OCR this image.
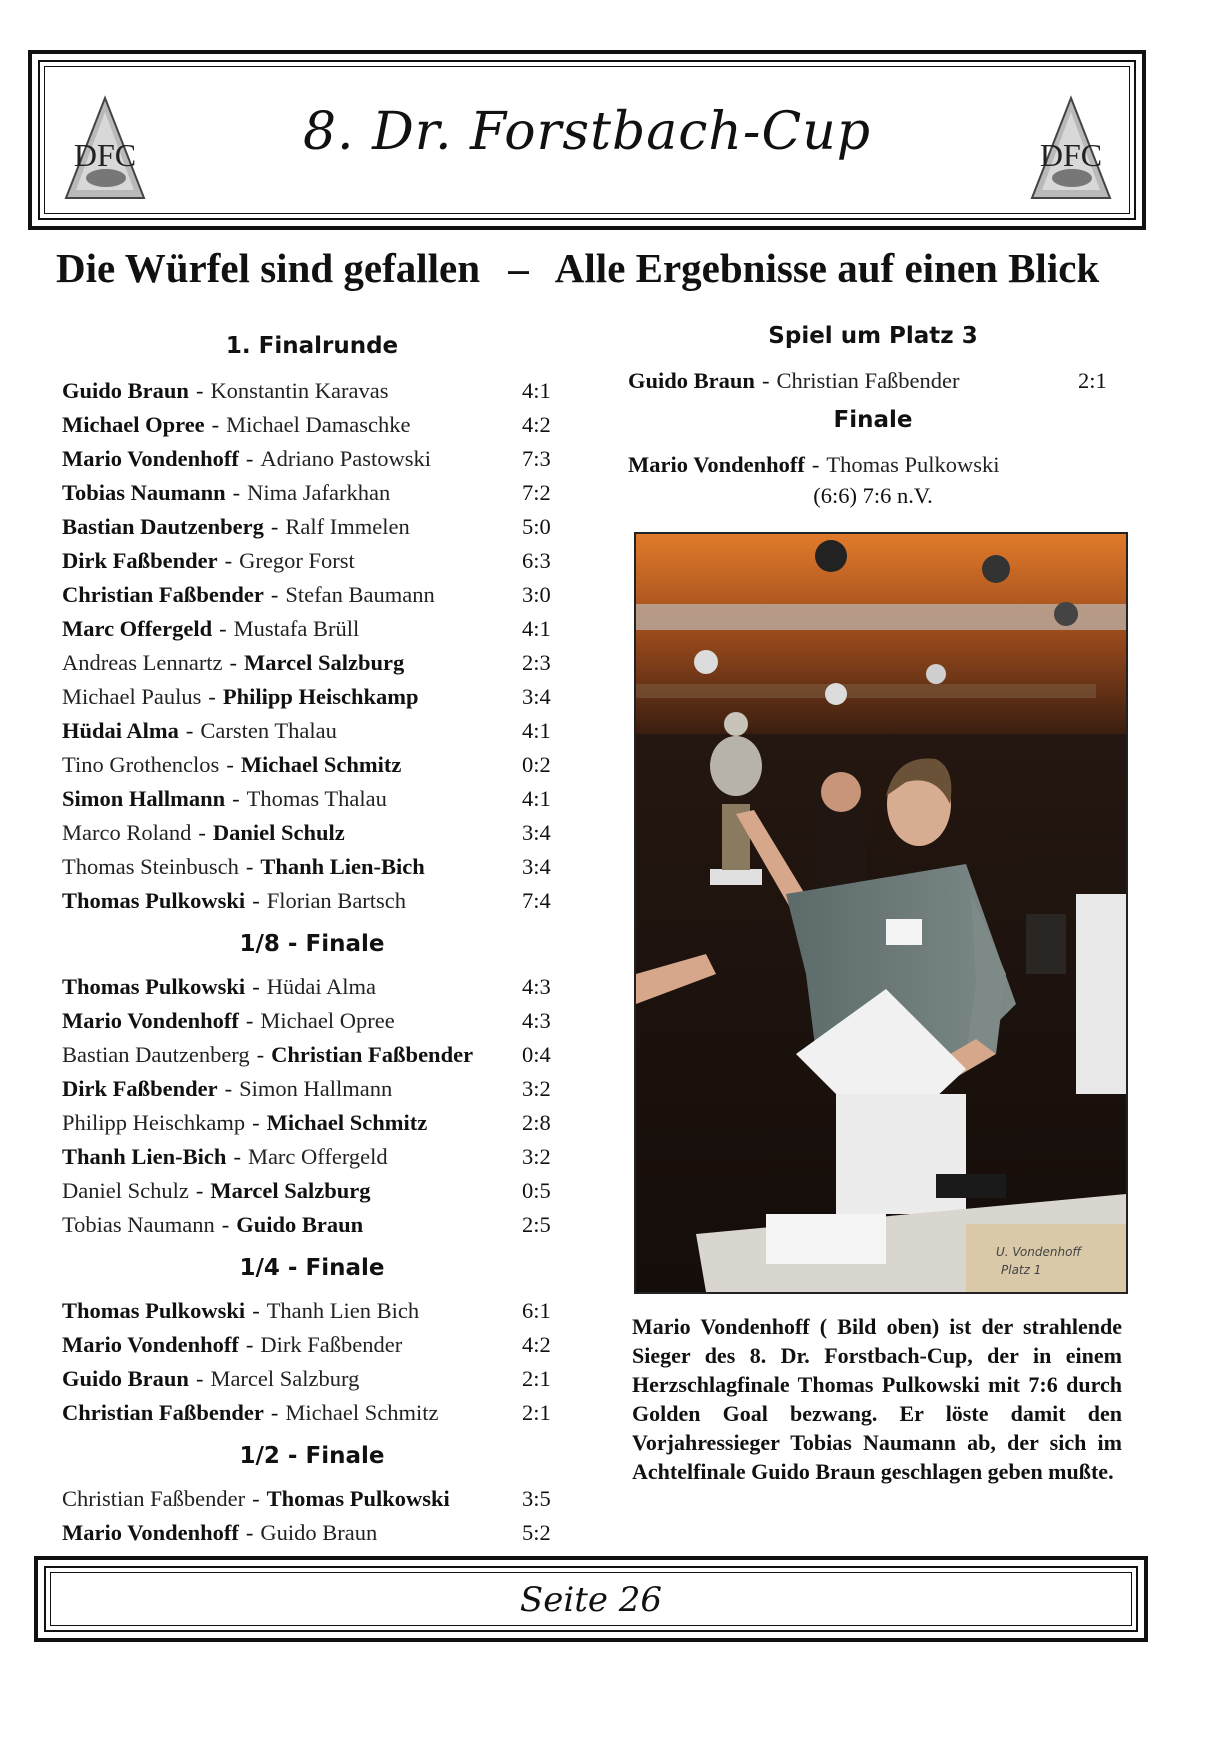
DFC	8. Dr. Forstbach-Cup	DFC
Die Würfel sind gefallen – Alle Ergebnisse auf einen Blick
1. Finalrunde
Guido Braun - Konstantin Karavas	4:1
Michael Opree - Michael Damaschke	4:2
Mario Vondenhoff - Adriano Pastowski	7:3
Tobias Naumann - Nima Jafarkhan	7:2
Bastian Dautzenberg - Ralf Immelen	5:0
Dirk Faßbender - Gregor Forst	6:3
Christian Faßbender - Stefan Baumann	3:0
Marc Offergeld - Mustafa Brüll	4:1
Andreas Lennartz - Marcel Salzburg	2:3
Michael Paulus - Philipp Heischkamp	3:4
Hüdai Alma - Carsten Thalau	4:1
Tino Grothenclos - Michael Schmitz	0:2
Simon Hallmann - Thomas Thalau	4:1
Marco Roland - Daniel Schulz	3:4
Thomas Steinbusch - Thanh Lien-Bich	3:4
Thomas Pulkowski - Florian Bartsch	7:4
1/8 - Finale
Thomas Pulkowski - Hüdai Alma	4:3
Mario Vondenhoff - Michael Opree	4:3
Bastian Dautzenberg - Christian Faßbender	0:4
Dirk Faßbender - Simon Hallmann	3:2
Philipp Heischkamp - Michael Schmitz	2:8
Thanh Lien-Bich - Marc Offergeld	3:2
Daniel Schulz - Marcel Salzburg	0:5
Tobias Naumann - Guido Braun	2:5
1/4 - Finale
Thomas Pulkowski - Thanh Lien Bich	6:1
Mario Vondenhoff - Dirk Faßbender	4:2
Guido Braun - Marcel Salzburg	2:1
Christian Faßbender - Michael Schmitz	2:1
1/2 - Finale
Christian Faßbender - Thomas Pulkowski	3:5
Mario Vondenhoff - Guido Braun	5:2
Spiel um Platz 3
Guido Braun - Christian Faßbender	2:1
Finale
Mario Vondenhoff - Thomas Pulkowski
(6:6) 7:6 n.V.
U. Vondenhoff
Platz 1
Mario Vondenhoff ( Bild oben) ist der strahlende Sieger des 8. Dr. Forstbach-Cup, der in einem Herzschlagfinale Thomas Pulkowski mit 7:6 durch Golden Goal bezwang. Er löste damit den Vorjahressieger Tobias Naumann ab, der sich im Achtelfinale Guido Braun geschlagen geben mußte.
Seite 26
